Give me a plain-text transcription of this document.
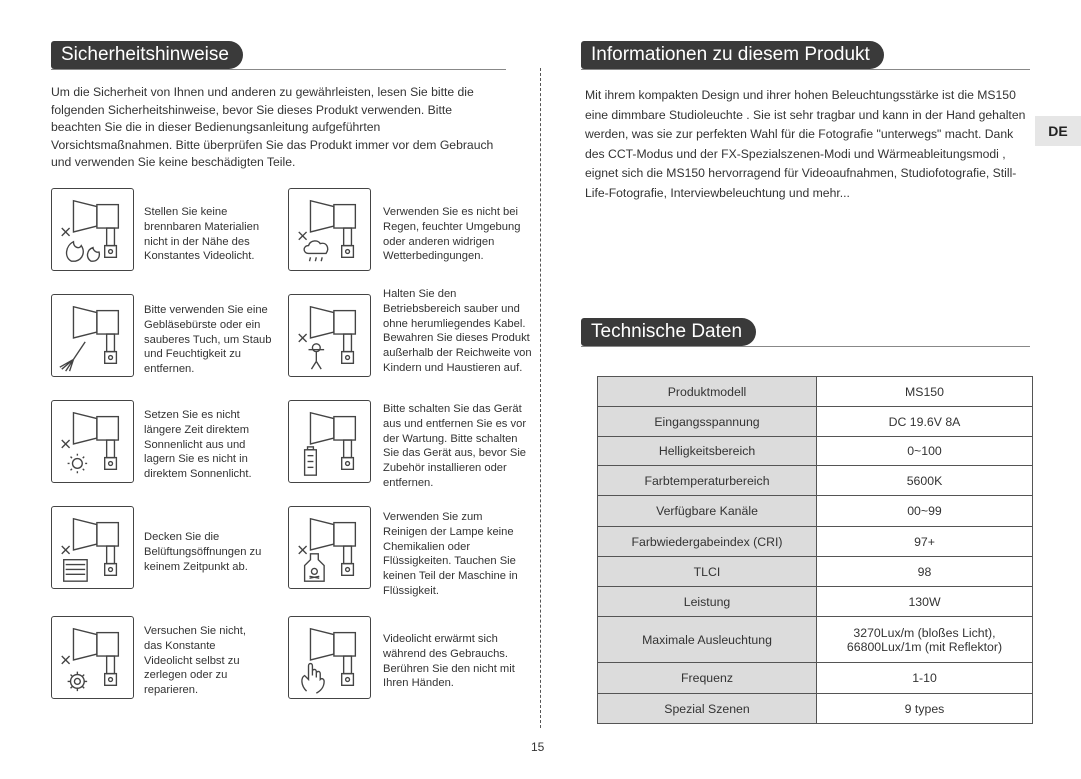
Sicherheitshinweise
Um die Sicherheit von Ihnen und anderen zu gewährleisten, lesen Sie bitte die folgenden Sicherheitshinweise, bevor Sie dieses Produkt verwenden. Bitte beachten Sie die in dieser Bedienungsanleitung aufgeführten Vorsichtsmaßnahmen. Bitte überprüfen Sie das Produkt immer vor dem Gebrauch und verwenden Sie keine beschädigten Teile.
Informationen zu diesem Produkt
Mit ihrem kompakten Design und ihrer hohen Beleuchtungsstärke ist die MS150 eine dimmbare Studioleuchte . Sie ist sehr tragbar und kann in der Hand gehalten werden, was sie zur perfekten Wahl für die Fotografie "unterwegs" macht. Dank des CCT-Modus und der FX-Spezialszenen-Modi und Wärmeableitungsmodi , eignet sich die MS150 hervorragend für Videoaufnahmen, Studiofotografie, Still-Life-Fotografie, Interviewbeleuchtung und mehr...
DE
Stellen Sie keine brennbaren Materialien nicht in der Nähe des Konstantes Videolicht.
Verwenden Sie es nicht bei Regen, feuchter Umgebung oder anderen widrigen Wetterbedingungen.
Bitte verwenden Sie eine Gebläsebürste oder ein sauberes Tuch, um Staub und Feuchtigkeit zu entfernen.
Halten Sie den Betriebsbereich sauber und ohne herumliegendes Kabel. Bewahren Sie dieses Produkt außerhalb der Reichweite von Kindern und Haustieren auf.
Setzen Sie es nicht längere Zeit direktem Sonnenlicht aus und lagern Sie es nicht in direktem Sonnenlicht.
Bitte schalten Sie das Gerät aus und entfernen Sie es vor der Wartung. Bitte schalten Sie das Gerät aus, bevor Sie Zubehör installieren oder entfernen.
Decken Sie die Belüftungsöffnungen zu keinem Zeitpunkt ab.
Verwenden Sie zum Reinigen der Lampe keine Chemikalien oder Flüssigkeiten. Tauchen Sie keinen Teil der Maschine in Flüssigkeit.
Versuchen Sie nicht, das Konstante Videolicht selbst zu zerlegen oder zu reparieren.
Videolicht erwärmt sich während des Gebrauchs. Berühren Sie den nicht mit Ihren Händen.
Technische Daten
Produktmodell	MS150
Eingangsspannung	DC 19.6V 8A
Helligkeitsbereich	0~100
Farbtemperaturbereich	5600K
Verfügbare Kanäle	00~99
Farbwiedergabeindex (CRI)	97+
TLCI	98
Leistung	130W
Maximale Ausleuchtung	3270Lux/m (bloßes Licht),
66800Lux/1m (mit Reflektor)

Frequenz	1-10
Spezial Szenen	9 types
15
